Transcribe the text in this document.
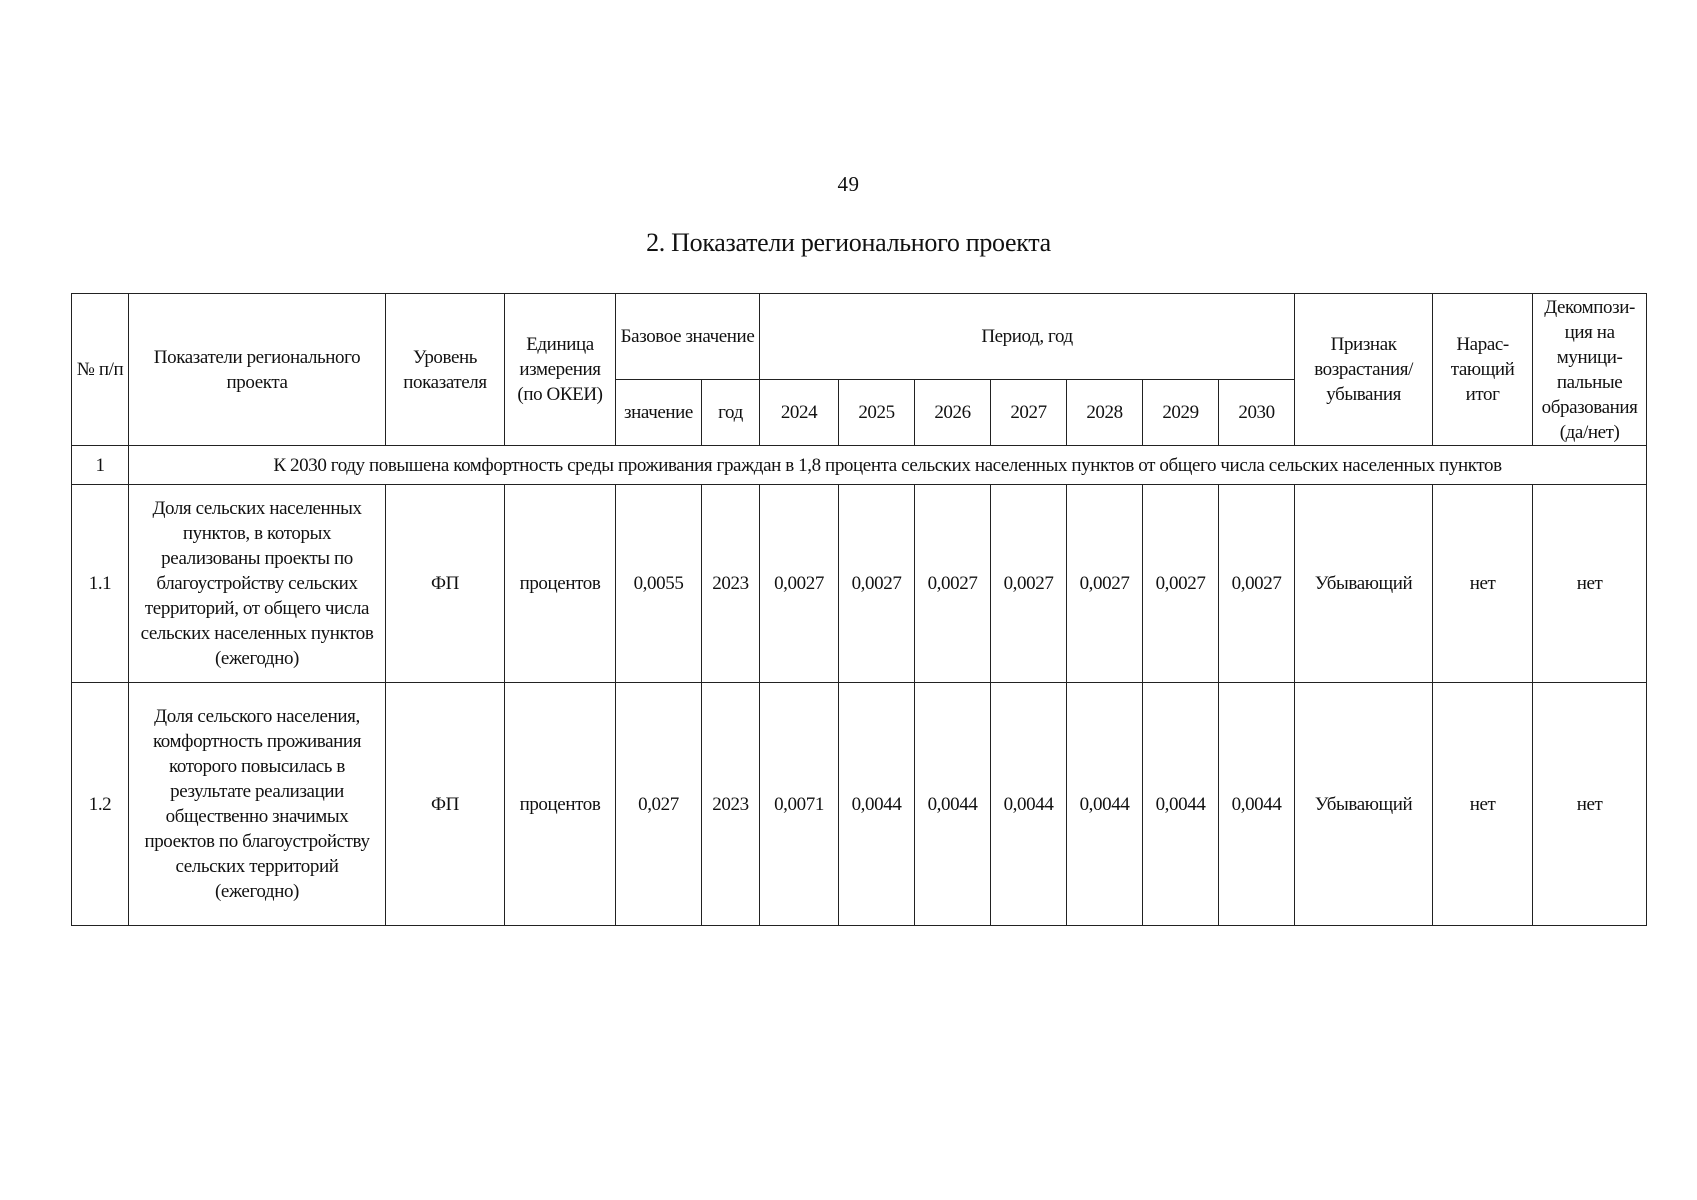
49
2. Показатели регионального проекта
№ п/п	Показатели регионального проекта	Уровень показателя	Единица измерения (по ОКЕИ)	Базовое значение		Период, год							Признак возрастания/ убывания	Нарас-тающий итог	Декомпози-ция на муници-пальные образования (да/нет)
				значение	год	2024	2025	2026	2027	2028	2029	2030			
1	К 2030 году повышена комфортность среды проживания граждан в 1,8 процента сельских населенных пунктов от общего числа сельских населенных пунктов														
1.1	Доля сельских населенных пунктов, в которых реализованы проекты по благоустройству сельских территорий, от общего числа сельских населенных пунктов (ежегодно)	ФП	процентов	0,0055	2023	0,0027	0,0027	0,0027	0,0027	0,0027	0,0027	0,0027	Убывающий	нет	нет
1.2	Доля сельского населения, комфортность проживания которого повысилась в результате реализации общественно значимых проектов по благоустройству сельских территорий (ежегодно)	ФП	процентов	0,027	2023	0,0071	0,0044	0,0044	0,0044	0,0044	0,0044	0,0044	Убывающий	нет	нет
